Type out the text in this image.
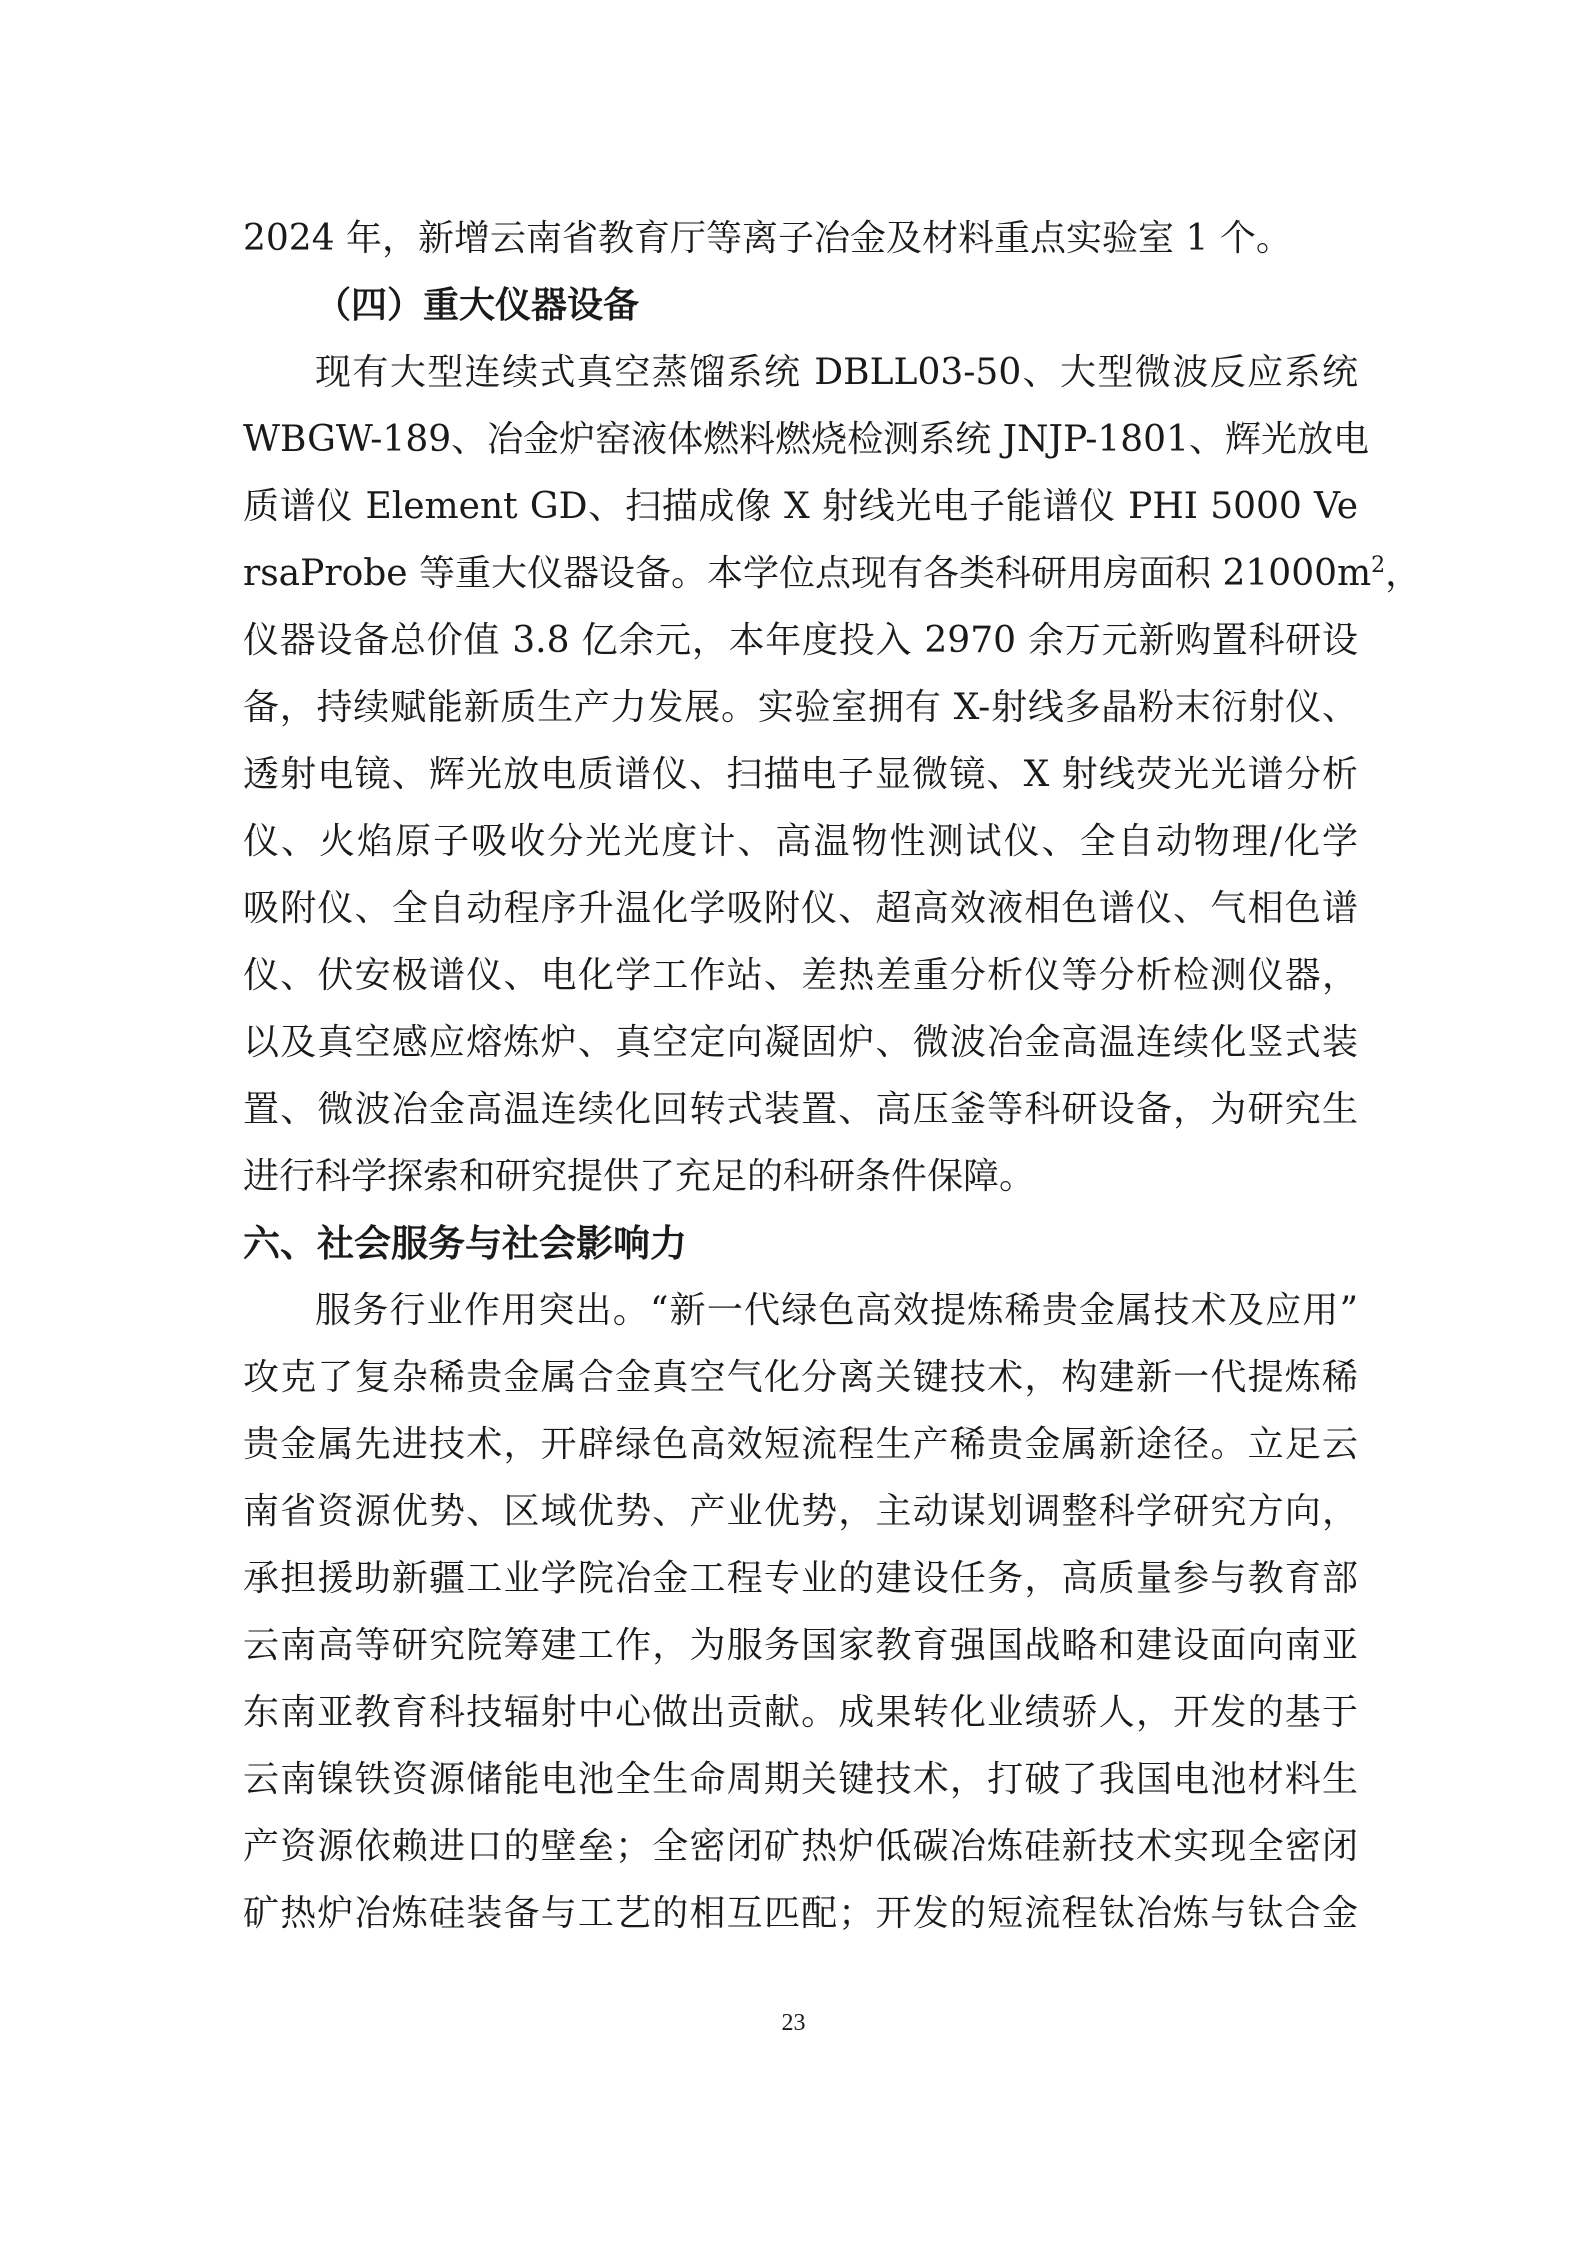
2024 年，新增云南省教育厅等离子冶金及材料重点实验室 1 个。
（四）重大仪器设备
现有大型连续式真空蒸馏系统 DBLL03-50、大型微波反应系统
WBGW-189、冶金炉窑液体燃料燃烧检测系统 JNJP-1801、辉光放电
质谱仪 Element GD、扫描成像 X 射线光电子能谱仪 PHI 5000 Ve
rsaProbe 等重大仪器设备。本学位点现有各类科研用房面积 $21000m^2$，
仪器设备总价值 3.8 亿余元，本年度投入 2970 余万元新购置科研设
备，持续赋能新质生产力发展。实验室拥有 X-射线多晶粉末衍射仪、
透射电镜、辉光放电质谱仪、扫描电子显微镜、X 射线荧光光谱分析
仪、火焰原子吸收分光光度计、高温物性测试仪、全自动物理/化学
吸附仪、全自动程序升温化学吸附仪、超高效液相色谱仪、气相色谱
仪、伏安极谱仪、电化学工作站、差热差重分析仪等分析检测仪器，
以及真空感应熔炼炉、真空定向凝固炉、微波冶金高温连续化竖式装
置、微波冶金高温连续化回转式装置、高压釜等科研设备，为研究生
进行科学探索和研究提供了充足的科研条件保障。
六、社会服务与社会影响力
服务行业作用突出。“新一代绿色高效提炼稀贵金属技术及应用”
攻克了复杂稀贵金属合金真空气化分离关键技术，构建新一代提炼稀
贵金属先进技术，开辟绿色高效短流程生产稀贵金属新途径。立足云
南省资源优势、区域优势、产业优势，主动谋划调整科学研究方向，
承担援助新疆工业学院冶金工程专业的建设任务，高质量参与教育部
云南高等研究院筹建工作，为服务国家教育强国战略和建设面向南亚
东南亚教育科技辐射中心做出贡献。成果转化业绩骄人，开发的基于
云南镍铁资源储能电池全生命周期关键技术，打破了我国电池材料生
产资源依赖进口的壁垒；全密闭矿热炉低碳冶炼硅新技术实现全密闭
矿热炉冶炼硅装备与工艺的相互匹配；开发的短流程钛冶炼与钛合金
23
